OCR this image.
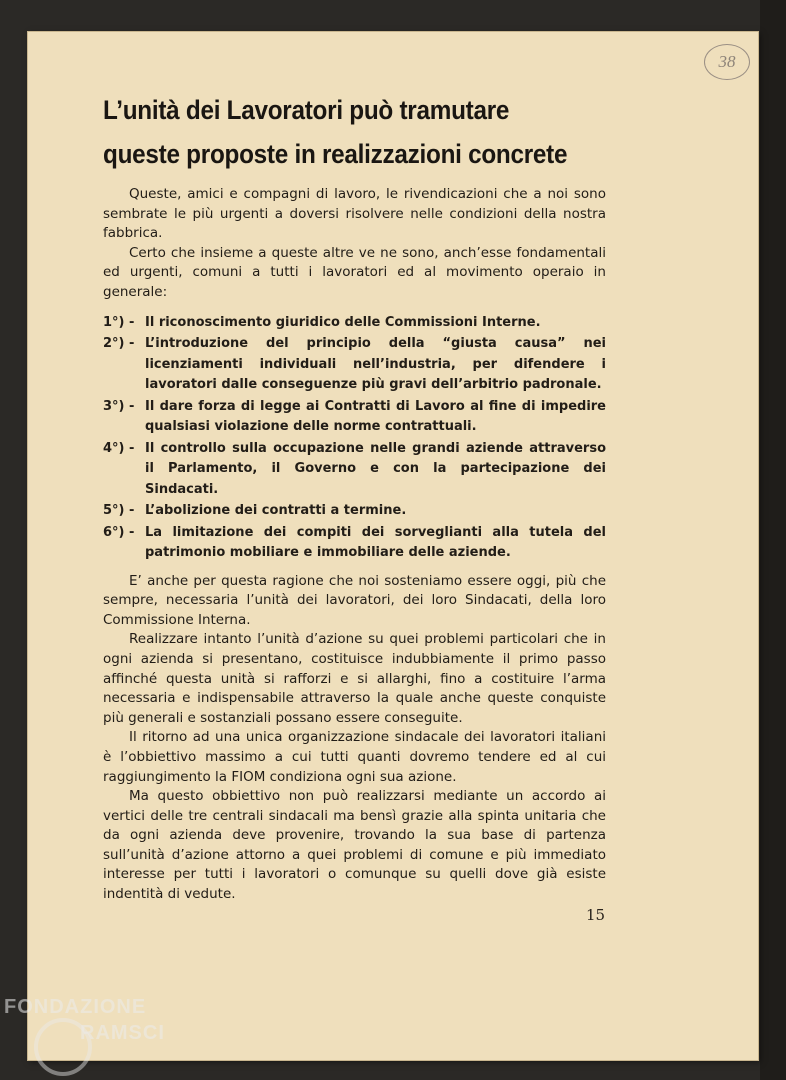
38
L’unità dei Lavoratori può tramutare queste proposte in realizzazioni concrete

Queste, amici e compagni di lavoro, le rivendicazioni che a noi sono sembrate le più urgenti a doversi risolvere nelle condizioni della nostra fabbrica.

Certo che insieme a queste altre ve ne sono, anch’esse fondamentali ed urgenti, comuni a tutti i lavoratori ed al movimento operaio in generale:

1°) - Il riconoscimento giuridico delle Commissioni Interne.
2°) - L’introduzione del principio della “giusta causa” nei licenziamenti individuali nell’industria, per difendere i lavoratori dalle conseguenze più gravi dell’arbitrio padronale.
3°) - Il dare forza di legge ai Contratti di Lavoro al fine di impedire qualsiasi violazione delle norme contrattuali.
4°) - Il controllo sulla occupazione nelle grandi aziende attraverso il Parlamento, il Governo e con la partecipazione dei Sindacati.
5°) - L’abolizione dei contratti a termine.
6°) - La limitazione dei compiti dei sorveglianti alla tutela del patrimonio mobiliare e immobiliare delle aziende.

E’ anche per questa ragione che noi sosteniamo essere oggi, più che sempre, necessaria l’unità dei lavoratori, dei loro Sindacati, della loro Commissione Interna.

Realizzare intanto l’unità d’azione su quei problemi particolari che in ogni azienda si presentano, costituisce indubbiamente il primo passo affinché questa unità si rafforzi e si allarghi, fino a costituire l’arma necessaria e indispensabile attraverso la quale anche queste conquiste più generali e sostanziali possano essere conseguite.

Il ritorno ad una unica organizzazione sindacale dei lavoratori italiani è l’obbiettivo massimo a cui tutti quanti dovremo tendere ed al cui raggiungimento la FIOM condiziona ogni sua azione.

Ma questo obbiettivo non può realizzarsi mediante un accordo ai vertici delle tre centrali sindacali ma bensì grazie alla spinta unitaria che da ogni azienda deve provenire, trovando la sua base di partenza sull’unità d’azione attorno a quei problemi di comune e più immediato interesse per tutti i lavoratori o comunque su quelli dove già esiste indentità di vedute.

15
FONDAZIONE
RAMSCI
